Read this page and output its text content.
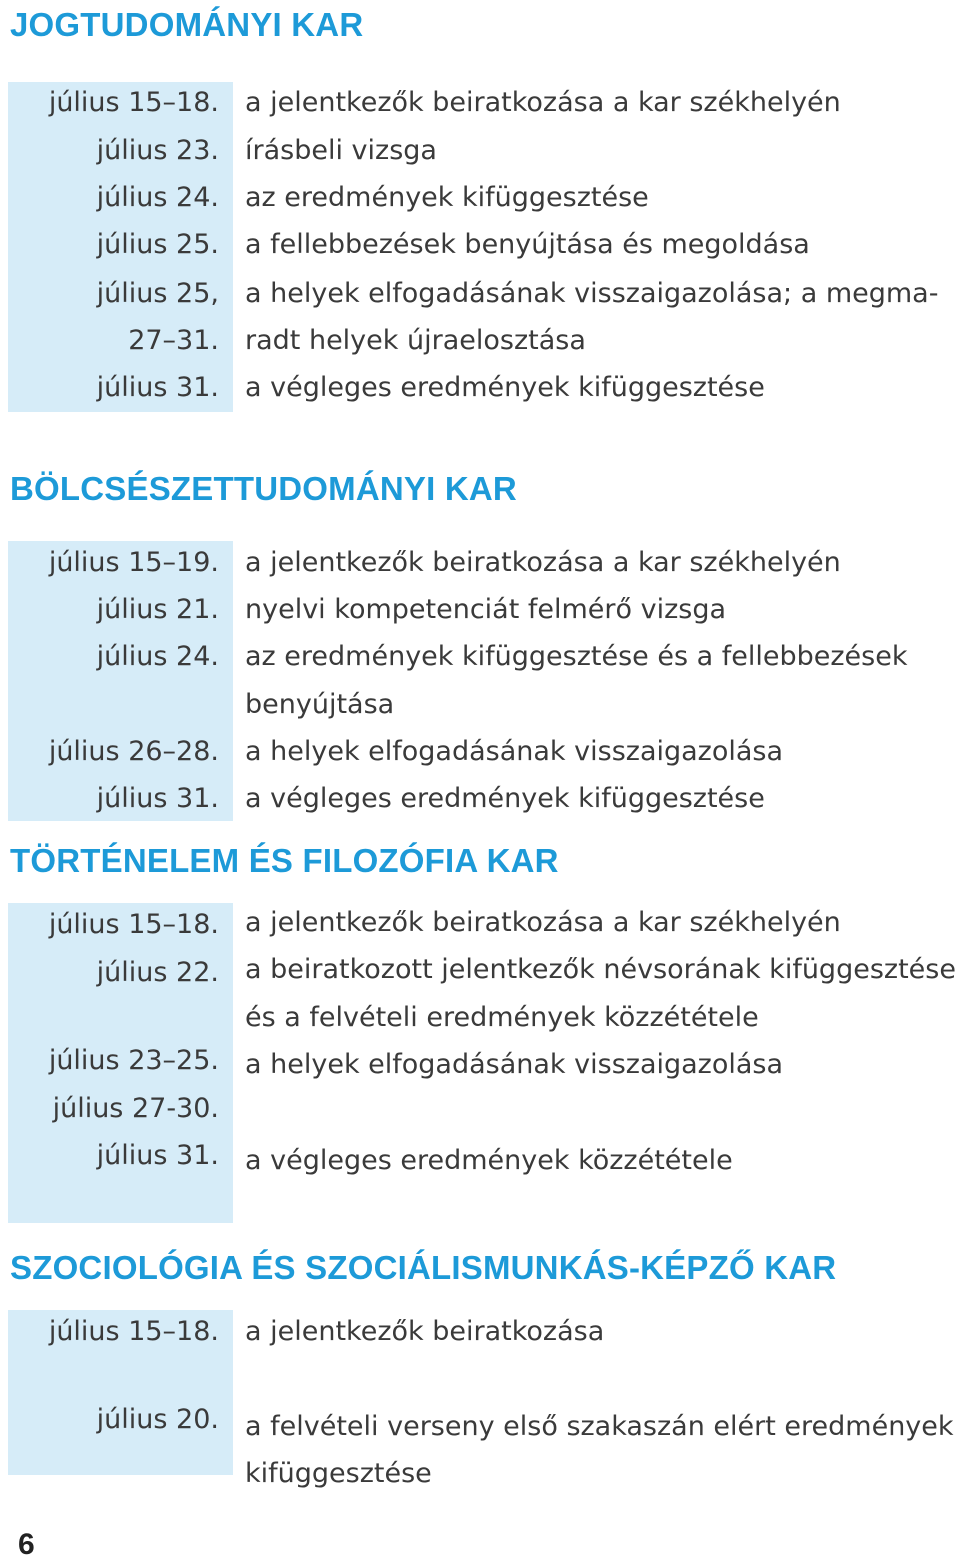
JOGTUDOMÁNYI KAR
július 15–18. a jelentkezők beiratkozása a kar székhelyén
július 23. írásbeli vizsga
július 24. az eredmények kifüggesztése
július 25. a fellebbezések benyújtása és megoldása
július 25, a helyek elfogadásának visszaigazolása; a megma-
27–31. radt helyek újraelosztása
július 31. a végleges eredmények kifüggesztése
BÖLCSÉSZETTUDOMÁNYI KAR
július 15–19. a jelentkezők beiratkozása a kar székhelyén
július 21. nyelvi kompetenciát felmérő vizsga
július 24. az eredmények kifüggesztése és a fellebbezések
benyújtása
július 26–28. a helyek elfogadásának visszaigazolása
július 31. a végleges eredmények kifüggesztése
TÖRTÉNELEM ÉS FILOZÓFIA KAR
július 15–18. a jelentkezők beiratkozása a kar székhelyén
július 22. a beiratkozott jelentkezők névsorának kifüggesztése
és a felvételi eredmények közzététele
július 23–25. a helyek elfogadásának visszaigazolása
július 27-30.
július 31. a végleges eredmények közzététele
SZOCIOLÓGIA ÉS SZOCIÁLISMUNKÁS-KÉPZŐ KAR
július 15–18. a jelentkezők beiratkozása
július 20. a felvételi verseny első szakaszán elért eredmények
kifüggesztése
6
